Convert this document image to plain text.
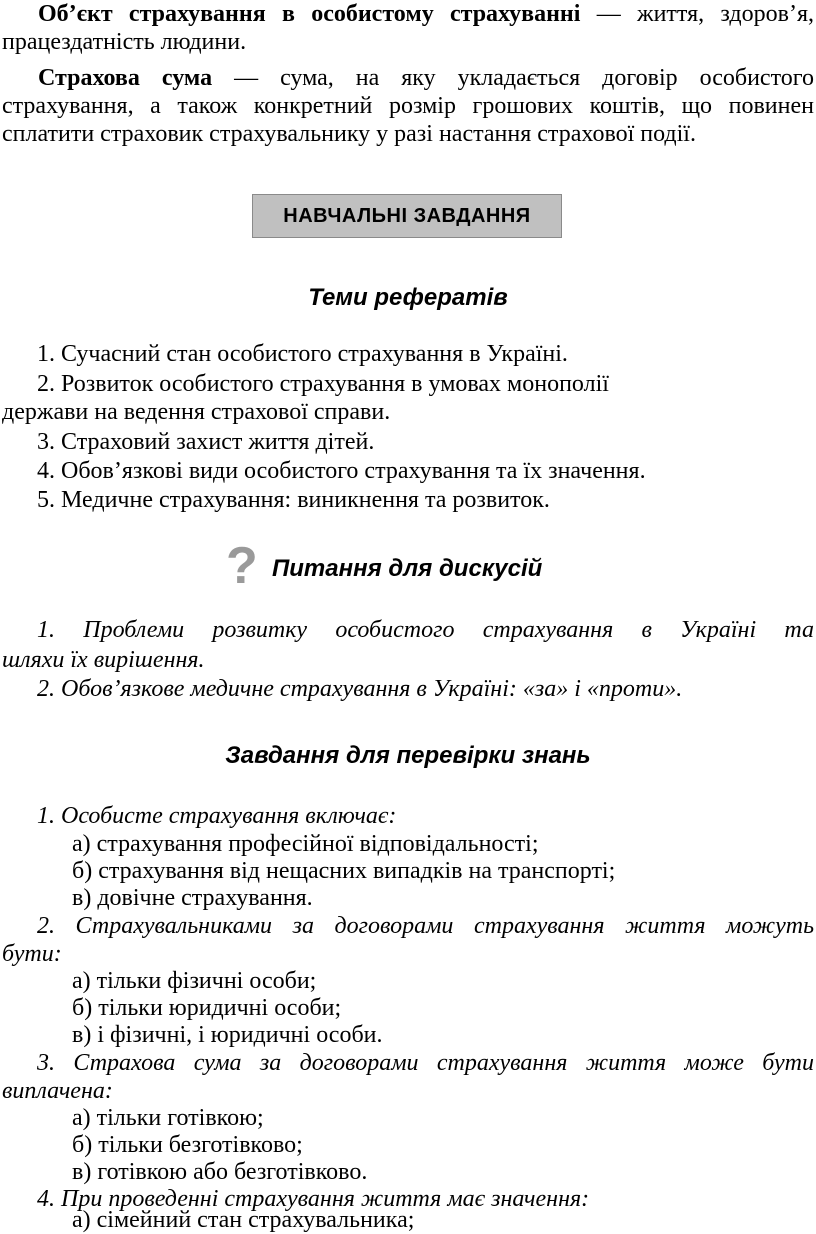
Об’єкт страхування в особистому страхуванні — життя, здоров’я, працездатність людини.
Страхова сума — сума, на яку укладається договір особистого страхування, а також конкретний розмір грошових коштів, що повинен сплатити страховик страхувальнику у разі настання страхової події.
НАВЧАЛЬНІ ЗАВДАННЯ
Теми рефератів
1. Сучасний стан особистого страхування в Україні.
2. Розвиток особистого страхування в умовах монополії
держави на ведення страхової справи.
3. Страховий захист життя дітей.
4. Обов’язкові види особистого страхування та їх значення.
5. Медичне страхування: виникнення та розвиток.
? Питання для дискусій
1. Проблеми розвитку особистого страхування в Україні та
шляхи їх вирішення.
2. Обов’язкове медичне страхування в Україні: «за» і «проти».
Завдання для перевірки знань
1. Особисте страхування включає:
а) страхування професійної відповідальності;
б) страхування від нещасних випадків на транспорті;
в) довічне страхування.
2. Страхувальниками за договорами страхування життя можуть
бути:
а) тільки фізичні особи;
б) тільки юридичні особи;
в) і фізичні, і юридичні особи.
3. Страхова сума за договорами страхування життя може бути
виплачена:
а) тільки готівкою;
б) тільки безготівково;
в) готівкою або безготівково.
4. При проведенні страхування життя має значення:
а) сімейний стан страхувальника;
